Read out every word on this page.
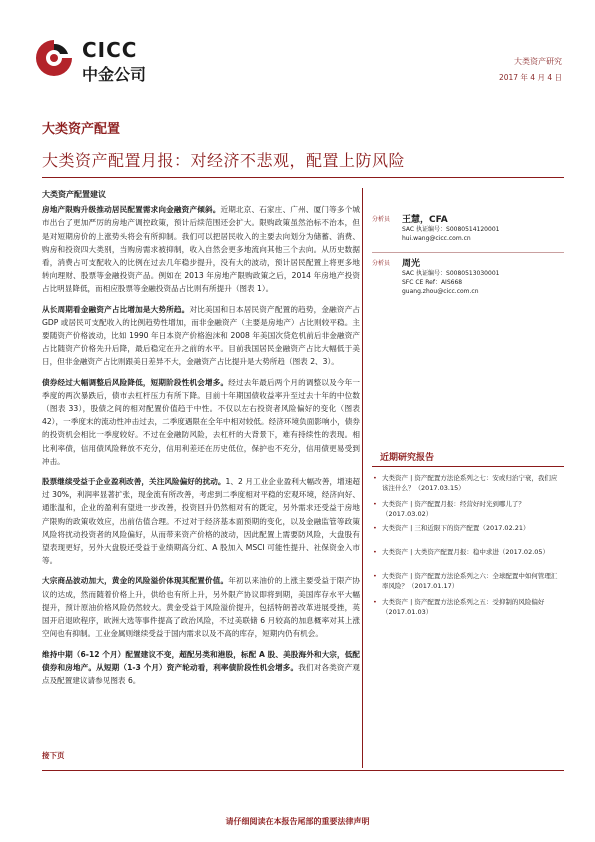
CICC
中金公司
大类资产研究
2017 年 4 月 4 日
大类资产配置
大类资产配置月报：对经济不悲观，配置上防风险
大类资产配置建议

房地产限购升级推动居民配置需求向金融资产倾斜。近期北京、石家庄、广州、厦门等多个城市出台了更加严厉的房地产调控政策，预计后续范围还会扩大。限购政策虽然治标不治本，但是对短期房价的上涨势头将会有所抑制。我们可以把居民收入的主要去向划分为储蓄、消费、购房和投资四大类别，当购房需求被抑制，收入自然会更多地流向其他三个去向。从历史数据看，消费占可支配收入的比例在过去几年稳步提升，没有大的波动，预计居民配置上将更多地转向理财、股票等金融投资产品。例如在 2013 年房地产限购政策之后，2014 年房地产投资占比明显降低，而相应股票等金融投资品占比则有所提升（图表 1）。

从长周期看金融资产占比增加是大势所趋。对比美国和日本居民资产配置的趋势，金融资产占 GDP 或居民可支配收入的比例趋势性增加，而非金融资产（主要是房地产）占比则较平稳。主要随资产价格波动，比如 1990 年日本资产价格泡沫和 2008 年美国次贷危机前后非金融资产占比随资产价格先升后降，最后稳定在升之前的水平。目前我国居民金融资产占比大幅低于美日，但非金融资产占比则跟美日差异不大，金融资产占比提升是大势所趋（图表 2、3）。

债券经过大幅调整后风险降低，短期阶段性机会增多。经过去年最后两个月的调整以及今年一季度的两次暴跌后，债市去杠杆压力有所下降。目前十年期国债收益率升至过去十年的中位数（图表 33），股债之间的相对配置价值趋于中性。不仅以左右投资者风险偏好的变化（图表 42），一季度末的流动性冲击过去，二季度遇限在全年中相对较低。经济环境负面影响小，债券的投资机会相比一季度较好。不过在金融防风险，去杠杆的大背景下，难有持续性的表现。相比利率债，信用债风险释放不充分，信用利差还在历史低位，保护也不充分，信用债更易受到冲击。

股票继续受益于企业盈利改善，关注风险偏好的扰动。1、2 月工业企业盈利大幅改善，增速超过 30%，利润率显著扩张，现金流有所改善，考虑到二季度相对平稳的宏观环境，经济向好、通胀温和，企业的盈利有望进一步改善，投资回升仍然相对有的既定，另外需求还受益于房地产限购的政策收效应，出前估值合理。不过对于经济基本面预期的变化，以及金融监管等政策风险将扰动投资者的风险偏好，从而带来资产价格的波动，因此配置上需要防风险，大盘股有望表现更好，另外大盘股还受益于业绩期高分红、A 股加入 MSCI 可能性提升、社保资金入市等。

大宗商品波动加大，黄金的风险溢价体现其配置价值。年初以来油价的上涨主要受益于限产协议的达成，然而随着价格上升，供给也有所上升，另外限产协议即将到期，美国库存水平大幅提升，预计原油价格风险仍然较大。黄金受益于风险溢价提升，包括特朗普改革进展受挫，英国开启退欧程序，欧洲大选等事件提高了政治风险，不过美联储 6 月较高的加息概率对其上涨空间也有抑制。工业金属则继续受益于国内需求以及不高的库存，短期内仍有机会。

维持中期（6-12 个月）配置建议不变，超配另类和港股，标配 A 股、美股海外和大宗，低配债券和房地产。从短期（1-3 个月）资产轮动看，利率债阶段性机会增多。我们对各类资产观点及配置建议请参见图表 6。

分析员 王慧，CFA
SAC 执证编号：S0080514120001
hui.wang@cicc.com.cn
分析员 周光
SAC 执证编号：S0080513030001
SFC CE Ref：AIS668
guang.zhou@cicc.com.cn
近期研究报告
• 大类资产 | 资产配置方法论系列之七：安或归治宁衰，我们应该注什么？（2017.03.15）
• 大类资产 | 资产配置月报：经营好时光到哪儿了？（2017.03.02）
• 大类资产 | 三和近限下的资产配置（2017.02.21）
• 大类资产 | 大类资产配置月报：稳中求进（2017.02.05）
• 大类资产 | 资产配置方法论系列之六：全球配置中如何管理汇率风险？（2017.01.17）
• 大类资产 | 资产配置方法论系列之五：受抑制的风险偏好（2017.01.03）
接下页
请仔细阅读在本报告尾部的重要法律声明
